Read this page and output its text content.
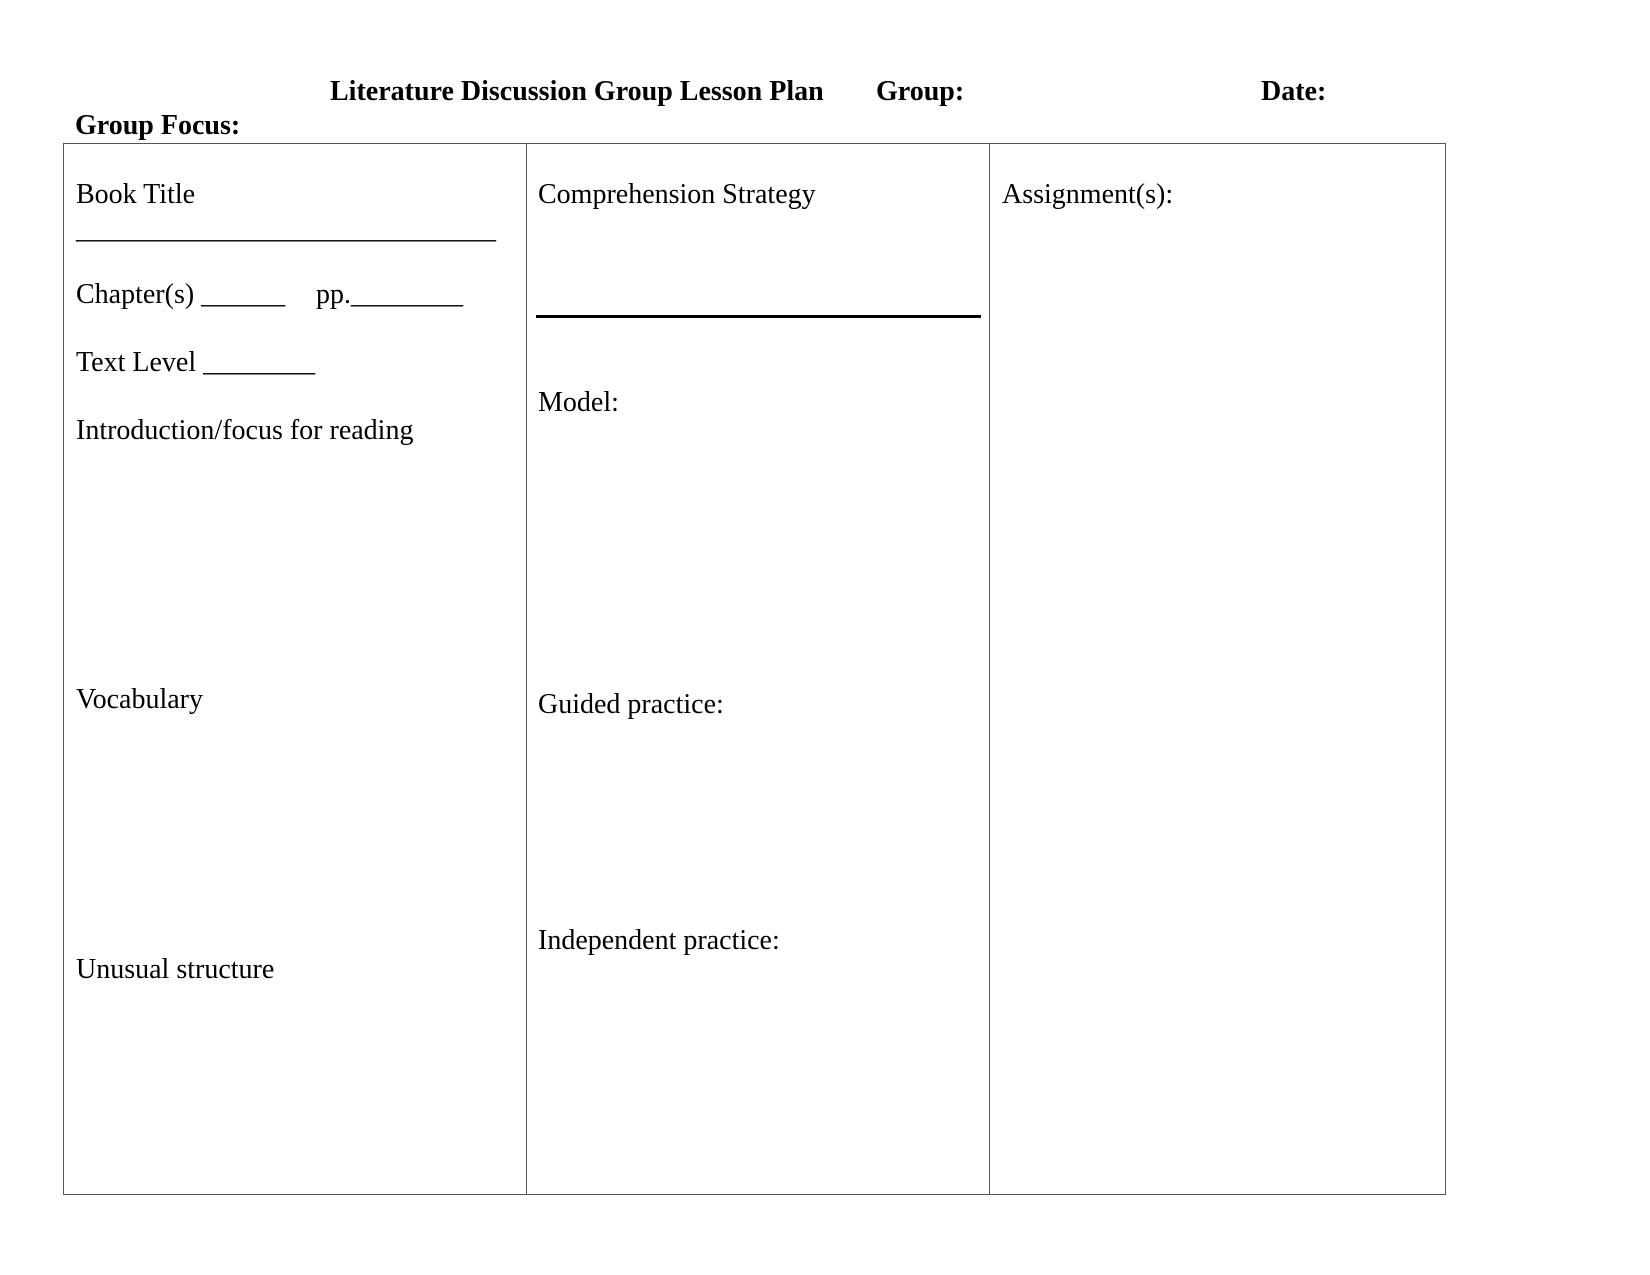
Literature Discussion Group Lesson Plan Group:	Date:
Group Focus:
Book Title
______________________________
Chapter(s) ______ pp.________
Text Level ________
Introduction/focus for reading
Vocabulary
Unusual structure
Comprehension Strategy
Model:
Guided practice:
Independent practice:
Assignment(s):
